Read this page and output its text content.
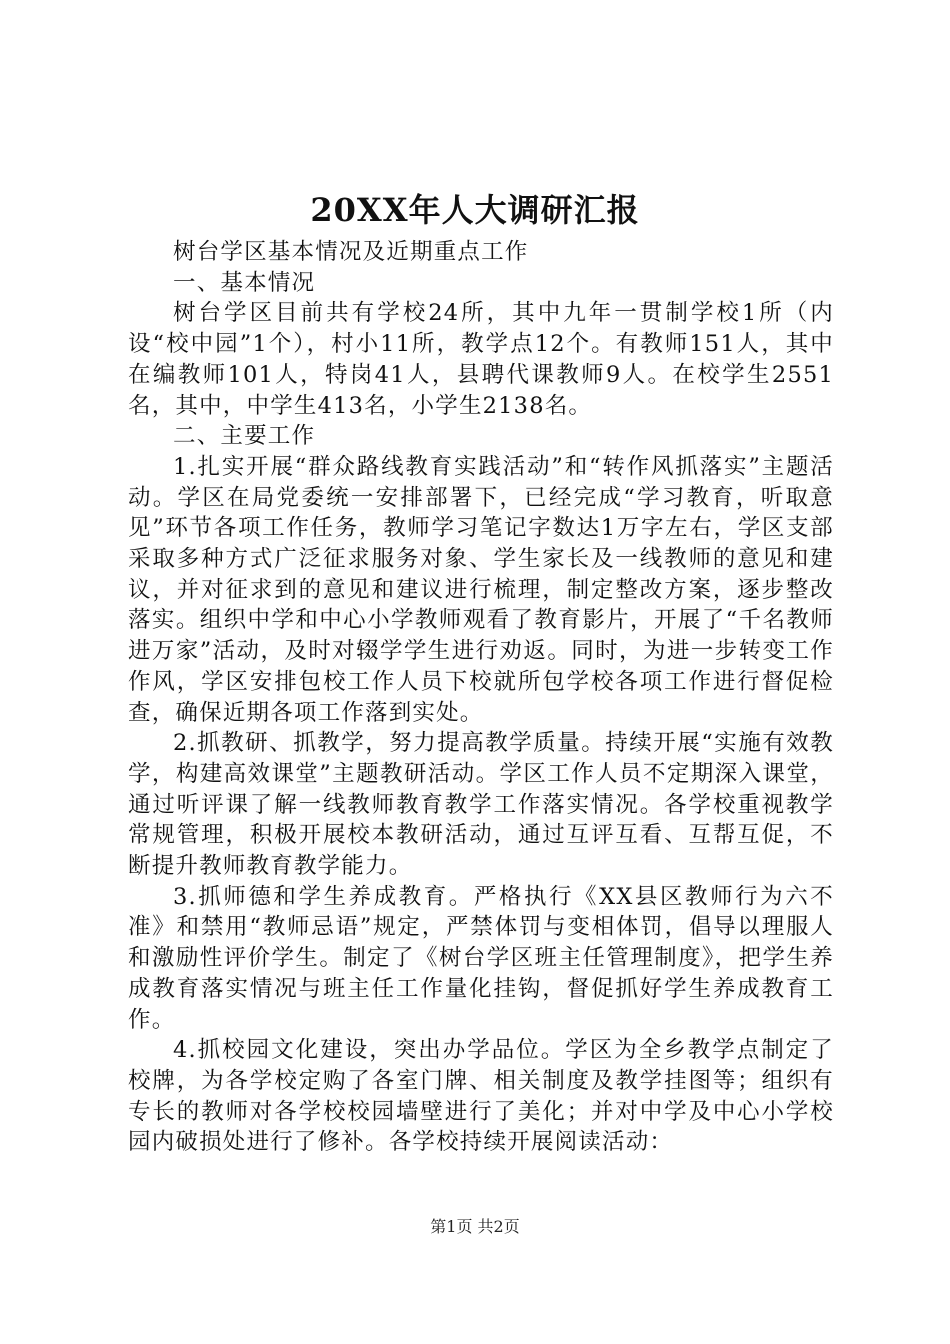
20XX年人大调研汇报

树台学区基本情况及近期重点工作

一、基本情况

树台学区目前共有学校24所，其中九年一贯制学校1所（内设“校中园”1个），村小11所，教学点12个。有教师151人，其中在编教师101人，特岗41人，县聘代课教师9人。在校学生2551名，其中，中学生413名，小学生2138名。

二、主要工作

1.扎实开展“群众路线教育实践活动”和“转作风抓落实”主题活动。学区在局党委统一安排部署下，已经完成“学习教育，听取意见”环节各项工作任务，教师学习笔记字数达1万字左右，学区支部采取多种方式广泛征求服务对象、学生家长及一线教师的意见和建议，并对征求到的意见和建议进行梳理，制定整改方案，逐步整改落实。组织中学和中心小学教师观看了教育影片，开展了“千名教师进万家”活动，及时对辍学学生进行劝返。同时，为进一步转变工作作风，学区安排包校工作人员下校就所包学校各项工作进行督促检查，确保近期各项工作落到实处。

2.抓教研、抓教学，努力提高教学质量。持续开展“实施有效教学，构建高效课堂”主题教研活动。学区工作人员不定期深入课堂，通过听评课了解一线教师教育教学工作落实情况。各学校重视教学常规管理，积极开展校本教研活动，通过互评互看、互帮互促，不断提升教师教育教学能力。

3.抓师德和学生养成教育。严格执行《XX县区教师行为六不准》和禁用“教师忌语”规定，严禁体罚与变相体罚，倡导以理服人和激励性评价学生。制定了《树台学区班主任管理制度》，把学生养成教育落实情况与班主任工作量化挂钩，督促抓好学生养成教育工作。

4.抓校园文化建设，突出办学品位。学区为全乡教学点制定了校牌，为各学校定购了各室门牌、相关制度及教学挂图等；组织有专长的教师对各学校校园墙壁进行了美化；并对中学及中心小学校园内破损处进行了修补。各学校持续开展阅读活动：

第1页 共2页
